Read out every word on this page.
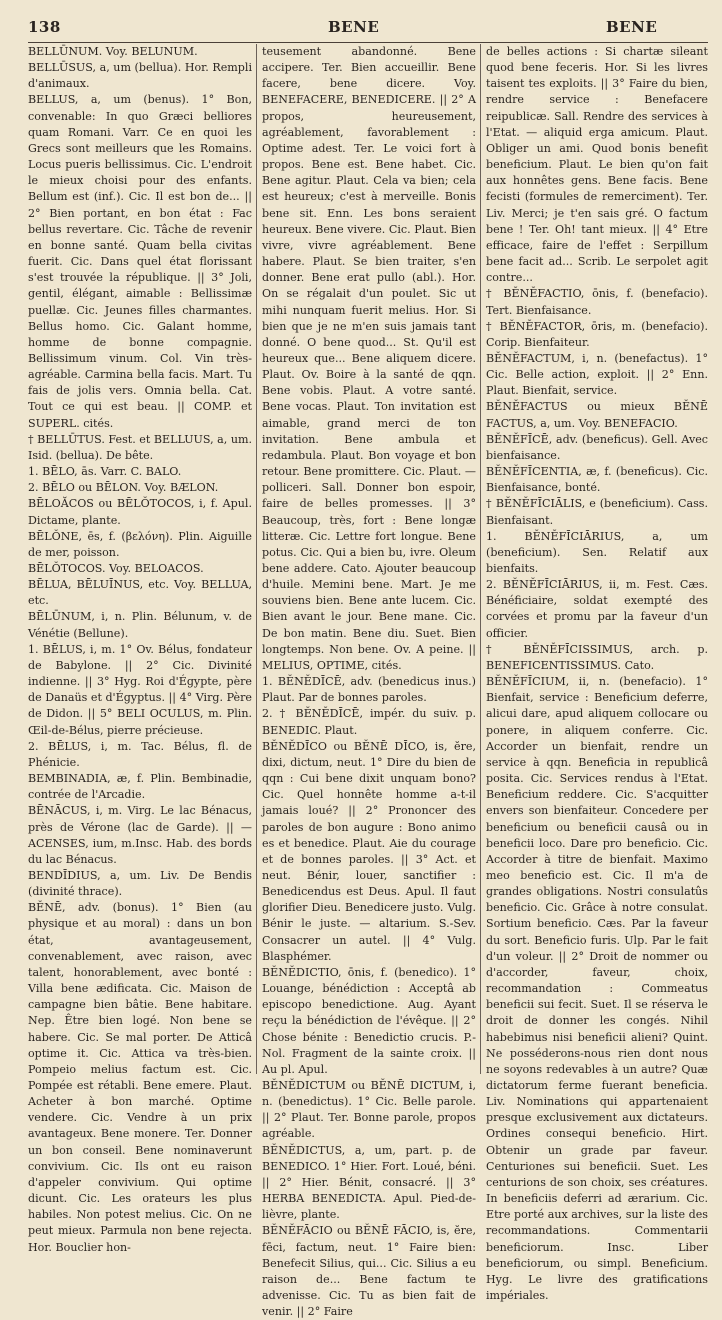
138	BENE	BENE

BELLŪNUM. Voy. BELUNUM.

BELLŪSUS, a, um (bellua). Hor. Rempli d'animaux.

BELLUS, a, um (benus). 1° Bon, convenable: In quo Græci belliores quam Romani. Varr. Ce en quoi les Grecs sont meilleurs que les Romains. Locus pueris bellissimus. Cic. L'endroit le mieux choisi pour des enfants. Bellum est (inf.). Cic. Il est bon de... || 2° Bien portant, en bon état : Fac bellus revertare. Cic. Tâche de revenir en bonne santé. Quam bella civitas fuerit. Cic. Dans quel état florissant s'est trouvée la république. || 3° Joli, gentil, élégant, aimable : Bellissimæ puellæ. Cic. Jeunes filles charmantes. Bellus homo. Cic. Galant homme, homme de bonne compagnie. Bellissimum vinum. Col. Vin très-agréable. Carmina bella facis. Mart. Tu fais de jolis vers. Omnia bella. Cat. Tout ce qui est beau. || COMP. et SUPERL. cités.

† BELLŪTUS. Fest. et BELLUUS, a, um. Isid. (bellua). De bête.

1. BĒLO, ās. Varr. C. BALO.

2. BĒLO ou BĒLON. Voy. BÆLON.

BĒLOĂCOS ou BĒLŎTOCOS, i, f. Apul. Dictame, plante.

BĒLŎNE, ēs, f. (βελόνη). Plin. Aiguille de mer, poisson.

BĒLŎTOCOS. Voy. BELOACOS.

BĒLUA, BĒLUĪNUS, etc. Voy. BELLUA, etc.

BĒLŪNUM, i, n. Plin. Bélunum, v. de Vénétie (Bellune).

1. BĒLUS, i, m. 1° Ov. Bélus, fondateur de Babylone. || 2° Cic. Divinité indienne. || 3° Hyg. Roi d'Égypte, père de Danaüs et d'Égyptus. || 4° Virg. Père de Didon. || 5° BELI OCULUS, m. Plin. Œil-de-Bélus, pierre précieuse.

2. BĒLUS, i, m. Tac. Bélus, fl. de Phénicie.

BEMBINADIA, æ, f. Plin. Bembinadie, contrée de l'Arcadie.

BĒNĀCUS, i, m. Virg. Le lac Bénacus, près de Vérone (lac de Garde). || — ACENSES, ium, m.Insc. Hab. des bords du lac Bénacus.

BENDĪDIUS, a, um. Liv. De Bendis (divinité thrace).

BĔNĒ, adv. (bonus). 1° Bien (au physique et au moral) : dans un bon état, avantageusement, convenablement, avec raison, avec talent, honorablement, avec bonté : Villa bene ædificata. Cic. Maison de campagne bien bâtie. Bene habitare. Nep. Être bien logé. Non bene se habere. Cic. Se mal porter. De Atticâ optime it. Cic. Attica va très-bien. Pompeio melius factum est. Cic. Pompée est rétabli. Bene emere. Plaut. Acheter à bon marché. Optime vendere. Cic. Vendre à un prix avantageux. Bene monere. Ter. Donner un bon conseil. Bene nominaverunt convivium. Cic. Ils ont eu raison d'appeler convivium. Qui optime dicunt. Cic. Les orateurs les plus habiles. Non potest melius. Cic. On ne peut mieux. Parmula non bene rejecta. Hor. Bouclier hon-

teusement abandonné. Bene accipere. Ter. Bien accueillir. Bene facere, bene dicere. Voy. BENEFACERE, BENEDICERE. || 2° A propos, heureusement, agréablement, favorablement : Optime adest. Ter. Le voici fort à propos. Bene est. Bene habet. Cic. Bene agitur. Plaut. Cela va bien; cela est heureux; c'est à merveille. Bonis bene sit. Enn. Les bons seraient heureux. Bene vivere. Cic. Plaut. Bien vivre, vivre agréablement. Bene habere. Plaut. Se bien traiter, s'en donner. Bene erat pullo (abl.). Hor. On se régalait d'un poulet. Sic ut mihi nunquam fuerit melius. Hor. Si bien que je ne m'en suis jamais tant donné. O bene quod... St. Qu'il est heureux que... Bene aliquem dicere. Plaut. Ov. Boire à la santé de qqn. Bene vobis. Plaut. A votre santé. Bene vocas. Plaut. Ton invitation est aimable, grand merci de ton invitation. Bene ambula et redambula. Plaut. Bon voyage et bon retour. Bene promittere. Cic. Plaut. — polliceri. Sall. Donner bon espoir, faire de belles promesses. || 3° Beaucoup, très, fort : Bene longæ litteræ. Cic. Lettre fort longue. Bene potus. Cic. Qui a bien bu, ivre. Oleum bene addere. Cato. Ajouter beaucoup d'huile. Memini bene. Mart. Je me souviens bien. Bene ante lucem. Cic. Bien avant le jour. Bene mane. Cic. De bon matin. Bene diu. Suet. Bien longtemps. Non bene. Ov. A peine. || MELIUS, OPTIME, cités.

1. BĔNĔDĪCĒ, adv. (benedicus inus.) Plaut. Par de bonnes paroles.

2. † BĔNĔDĪCĒ, impér. du suiv. p. BENEDIC. Plaut.

BĔNĔDĪCO ou BĔNĒ DĪCO, is, ĕre, dixi, dictum, neut. 1° Dire du bien de qqn : Cui bene dixit unquam bono? Cic. Quel honnête homme a-t-il jamais loué? || 2° Prononcer des paroles de bon augure : Bono animo es et benedice. Plaut. Aie du courage et de bonnes paroles. || 3° Act. et neut. Bénir, louer, sanctifier : Benedicendus est Deus. Apul. Il faut glorifier Dieu. Benedicere justo. Vulg. Bénir le juste. — altarium. S.-Sev. Consacrer un autel. || 4° Vulg. Blasphémer.

BĔNĔDICTIO, ōnis, f. (benedico). 1° Louange, bénédiction : Acceptâ ab episcopo benedictione. Aug. Ayant reçu la bénédiction de l'évêque. || 2° Chose bénite : Benedictio crucis. P.-Nol. Fragment de la sainte croix. || Au pl. Apul.

BĔNĔDICTUM ou BĔNĒ DICTUM, i, n. (benedictus). 1° Cic. Belle parole. || 2° Plaut. Ter. Bonne parole, propos agréable.

BĔNĔDICTUS, a, um, part. p. de BENEDICO. 1° Hier. Fort. Loué, béni. || 2° Hier. Bénit, consacré. || 3° HERBA BENEDICTA. Apul. Pied-de-lièvre, plante.

BĔNĔFĀCIO ou BĔNĒ FĀCIO, is, ĕre, fēci, factum, neut. 1° Faire bien: Benefecit Silius, qui... Cic. Silius a eu raison de... Bene factum te advenisse. Cic. Tu as bien fait de venir. || 2° Faire

de belles actions : Si chartæ sileant quod bene feceris. Hor. Si les livres taisent tes exploits. || 3° Faire du bien, rendre service : Benefacere reipublicæ. Sall. Rendre des services à l'Etat. — aliquid erga amicum. Plaut. Obliger un ami. Quod bonis benefit beneficium. Plaut. Le bien qu'on fait aux honnêtes gens. Bene facis. Bene fecisti (formules de remerciment). Ter. Liv. Merci; je t'en sais gré. O factum bene ! Ter. Oh! tant mieux. || 4° Etre efficace, faire de l'effet : Serpillum bene facit ad... Scrib. Le serpolet agit contre...

† BĔNĔFACTIO, ōnis, f. (benefacio). Tert. Bienfaisance.

† BĔNĔFACTOR, ōris, m. (benefacio). Corip. Bienfaiteur.

BĔNĔFACTUM, i, n. (benefactus). 1° Cic. Belle action, exploit. || 2° Enn. Plaut. Bienfait, service.

BĔNĔFACTUS ou mieux BĔNĒ FACTUS, a, um. Voy. BENEFACIO.

BĔNĔFĪCĒ, adv. (beneficus). Gell. Avec bienfaisance.

BĔNĔFĪCENTIA, æ, f. (beneficus). Cic. Bienfaisance, bonté.

† BĔNĔFĪCIĀLIS, e (beneficium). Cass. Bienfaisant.

1. BĔNĔFĪCIĀRIUS, a, um (beneficium). Sen. Relatif aux bienfaits.

2. BĔNĔFĪCIĀRIUS, ii, m. Fest. Cæs. Bénéficiaire, soldat exempté des corvées et promu par la faveur d'un officier.

† BĔNĔFĪCISSIMUS, arch. p. BENEFICENTISSIMUS. Cato.

BĔNĔFĪCIUM, ii, n. (benefacio). 1° Bienfait, service : Beneficium deferre, alicui dare, apud aliquem collocare ou ponere, in aliquem conferre. Cic. Accorder un bienfait, rendre un service à qqn. Beneficia in republicâ posita. Cic. Services rendus à l'Etat. Beneficium reddere. Cic. S'acquitter envers son bienfaiteur. Concedere per beneficium ou beneficii causâ ou in beneficii loco. Dare pro beneficio. Cic. Accorder à titre de bienfait. Maximo meo beneficio est. Cic. Il m'a de grandes obligations. Nostri consulatûs beneficio. Cic. Grâce à notre consulat. Sortium beneficio. Cæs. Par la faveur du sort. Beneficio furis. Ulp. Par le fait d'un voleur. || 2° Droit de nommer ou d'accorder, faveur, choix, recommandation : Commeatus beneficii sui fecit. Suet. Il se réserva le droit de donner les congés. Nihil habebimus nisi beneficii alieni? Quint. Ne posséderons-nous rien dont nous ne soyons redevables à un autre? Quæ dictatorum ferme fuerant beneficia. Liv. Nominations qui appartenaient presque exclusivement aux dictateurs. Ordines consequi beneficio. Hirt. Obtenir un grade par faveur. Centuriones sui beneficii. Suet. Les centurions de son choix, ses créatures. In beneficiis deferri ad ærarium. Cic. Etre porté aux archives, sur la liste des recommandations. Commentarii beneficiorum. Insc. Liber beneficiorum, ou simpl. Beneficium. Hyg. Le livre des gratifications impériales.
